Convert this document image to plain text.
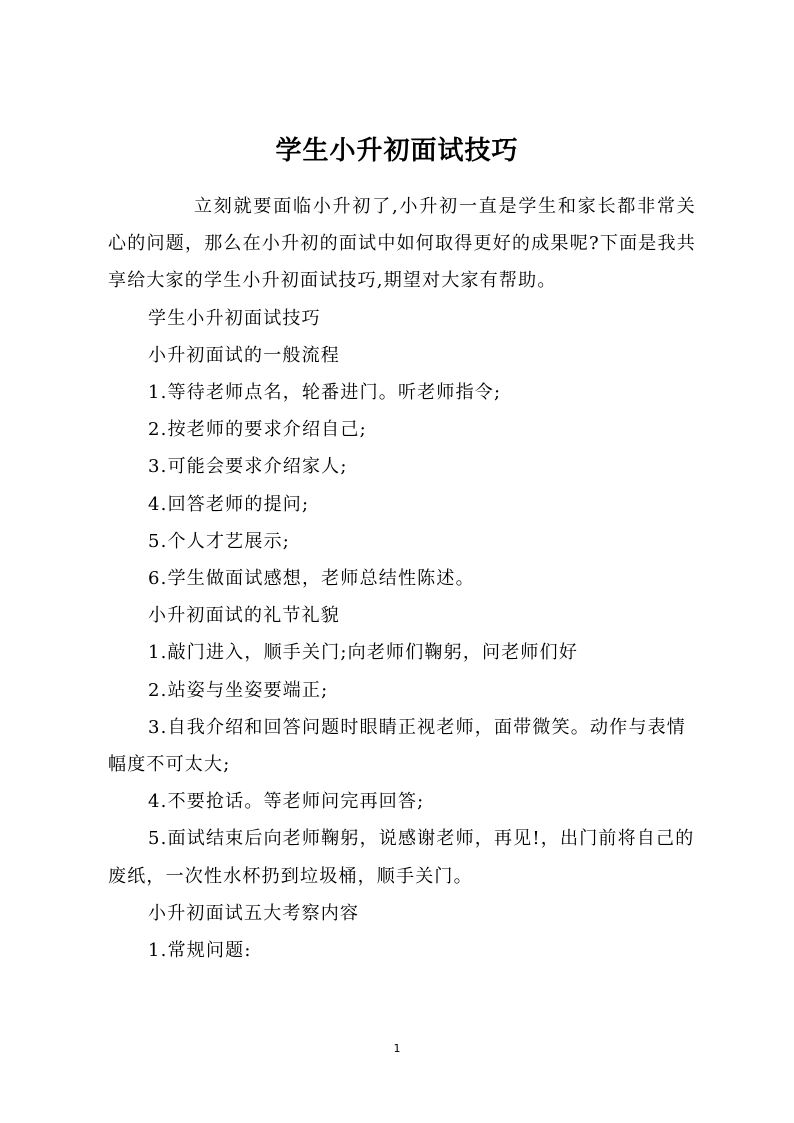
学生小升初面试技巧

立刻就要面临小升初了,小升初一直是学生和家长都非常关心的问题，那么在小升初的面试中如何取得更好的成果呢?下面是我共享给大家的学生小升初面试技巧,期望对大家有帮助。

学生小升初面试技巧

小升初面试的一般流程

1.等待老师点名，轮番进门。听老师指令;

2.按老师的要求介绍自己;

3.可能会要求介绍家人;

4.回答老师的提问;

5.个人才艺展示;

6.学生做面试感想，老师总结性陈述。

小升初面试的礼节礼貌

1.敲门进入，顺手关门;向老师们鞠躬，问老师们好

2.站姿与坐姿要端正;

3.自我介绍和回答问题时眼睛正视老师，面带微笑。动作与表情幅度不可太大;

4.不要抢话。等老师问完再回答;

5.面试结束后向老师鞠躬，说感谢老师，再见!，出门前将自己的废纸，一次性水杯扔到垃圾桶，顺手关门。

小升初面试五大考察内容

1.常规问题:

1
